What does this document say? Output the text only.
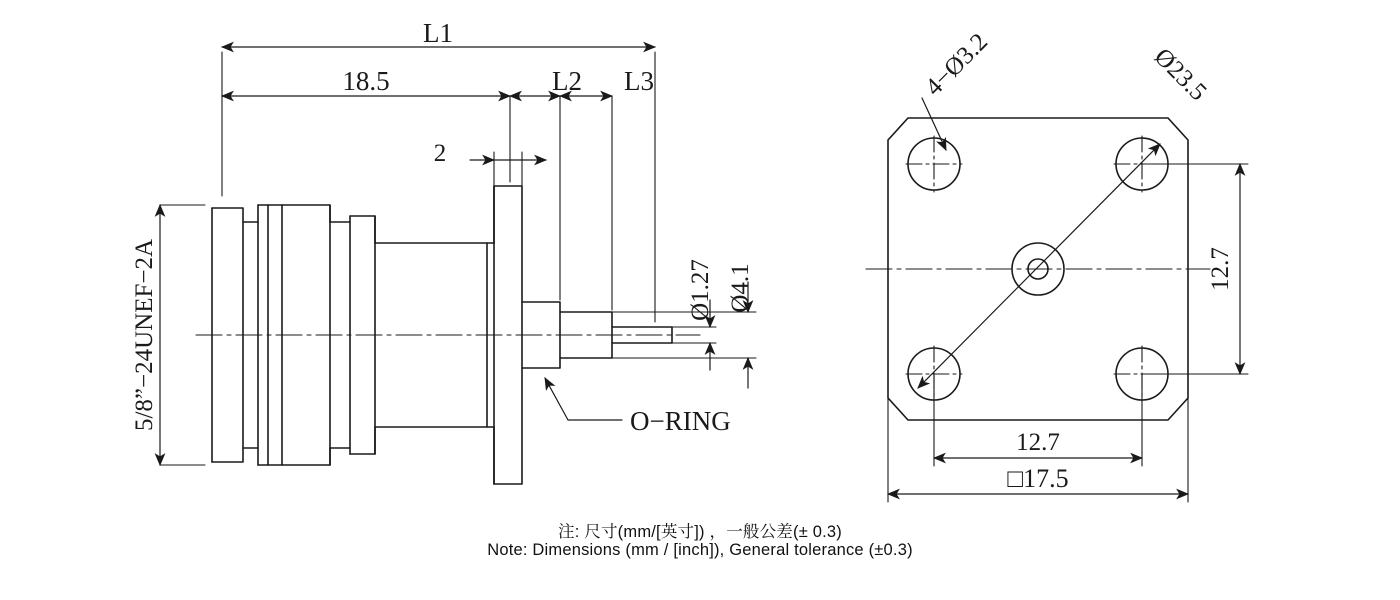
L1
18.5	L2 L3
2
5/8”−24UNEF−2A	Ø1.27 Ø4.1
O−RING
4−Ø3.2	Ø23.5
12.7
12.7
□17.5
注: 尺寸(mm/[英寸]) ，一般公差(± 0.3)
Note: Dimensions (mm / [inch]), General tolerance (±0.3)
